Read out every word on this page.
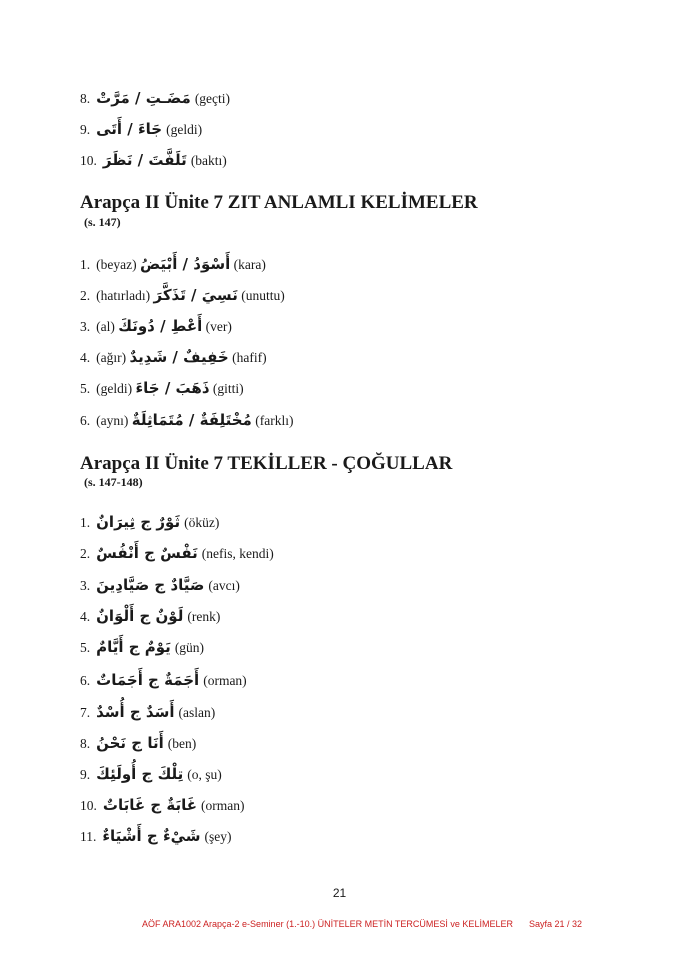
8. مَضَـتِ / مَرَّتْ (geçti)
9. جَاءَ / أَتَى (geldi)
10. تَلَفَّتَ / نَظَرَ (baktı)
Arapça II Ünite 7 ZIT ANLAMLI KELİMELER
(s. 147)
1. (beyaz) أَسْوَدُ / أَبْيَضُ (kara)
2. (hatırladı) نَسِيَ / تَذَكَّرَ (unuttu)
3. (al) أَعْطِ / دُونَكَ (ver)
4. (ağır) خَفِيفٌ / شَدِيدٌ (hafif)
5. (geldi) ذَهَبَ / جَاءَ (gitti)
6. (aynı) مُخْتَلِفَةٌ / مُتَمَاثِلَةٌ (farklı)
Arapça II Ünite 7 TEKİLLER - ÇOĞULLAR
(s. 147-148)
1. ثَوْرٌ ج ثِيرَانٌ (öküz)
2. نَفْسٌ ج أَنْفُسٌ (nefis, kendi)
3. صَيَّادٌ ج صَيَّادِينَ (avcı)
4. لَوْنٌ ج أَلْوَانٌ (renk)
5. يَوْمٌ ج أَيَّامٌ (gün)
6. أَجَمَةٌ ج أَجَمَاتٌ (orman)
7. أَسَدٌ ج أُسْدٌ (aslan)
8. أَنَا ج نَحْنُ (ben)
9. تِلْكَ ج أُولَئِكَ (o, şu)
10. غَابَةٌ ج غَابَاتٌ (orman)
11. شَيْءٌ ج أَشْيَاءٌ (şey)
21
AÖF ARA1002 Arapça-2 e-Seminer (1.-10.) ÜNİTELER METİN TERCÜMESİ ve KELİMELER Sayfa 21 / 32
